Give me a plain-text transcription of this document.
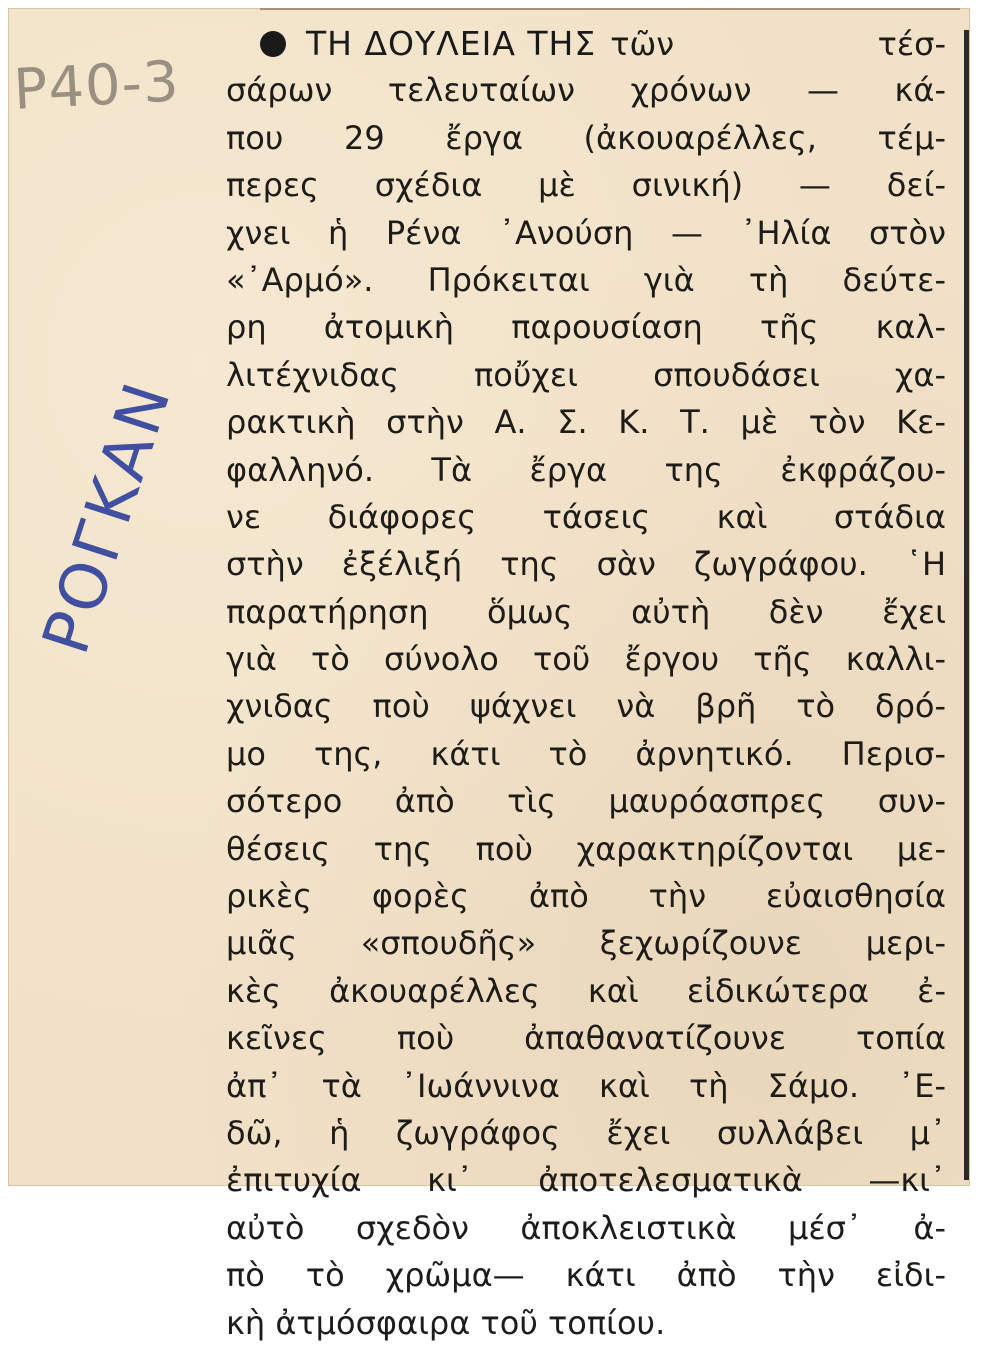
Ρ40-3
ΡΟΓΚΑΝ
ΤΗ ΔΟΥΛΕΙΑ ΤΗΣ τῶν τέσ-
σάρων τελευταίων χρόνων — κά-
που 29 ἔργα (ἀκουαρέλλες, τέμ-
περες σχέδια μὲ σινική) — δεί-
χνει ἡ Ρένα ᾿Ανούση — ᾿Ηλία στὸν
«᾿Αρμό». Πρόκειται γιὰ τὴ δεύτε-
ρη ἀτομικὴ παρουσίαση τῆς καλ-
λιτέχνιδας ποὔχει σπουδάσει χα-
ρακτικὴ στὴν Α. Σ. Κ. Τ. μὲ τὸν Κε-
φαλληνό. Τὰ ἔργα της ἐκφράζου-
νε διάφορες τάσεις καὶ στάδια
στὴν ἐξέλιξή της σὰν ζωγράφου. ῾Η
παρατήρηση ὅμως αὐτὴ δὲν ἔχει
γιὰ τὸ σύνολο τοῦ ἔργου τῆς καλλι-
χνιδας ποὺ ψάχνει νὰ βρῆ τὸ δρό-
μο της, κάτι τὸ ἀρνητικό. Περισ-
σότερο ἀπὸ τὶς μαυρόασπρες συν-
θέσεις της ποὺ χαρακτηρίζονται με-
ρικὲς φορὲς ἀπὸ τὴν εὐαισθησία
μιᾶς «σπουδῆς» ξεχωρίζουνε μερι-
κὲς ἀκουαρέλλες καὶ εἰδικώτερα ἐ-
κεῖνες ποὺ ἀπαθανατίζουνε τοπία
ἀπ᾿ τὰ ᾿Ιωάννινα καὶ τὴ Σάμο. ᾿Ε-
δῶ, ἡ ζωγράφος ἔχει συλλάβει μ᾿
ἐπιτυχία κι᾿ ἀποτελεσματικὰ —κι᾿
αὐτὸ σχεδὸν ἀποκλειστικὰ μέσ᾿ ἀ-
πὸ τὸ χρῶμα— κάτι ἀπὸ τὴν εἰδι-
κὴ ἀτμόσφαιρα τοῦ τοπίου.
